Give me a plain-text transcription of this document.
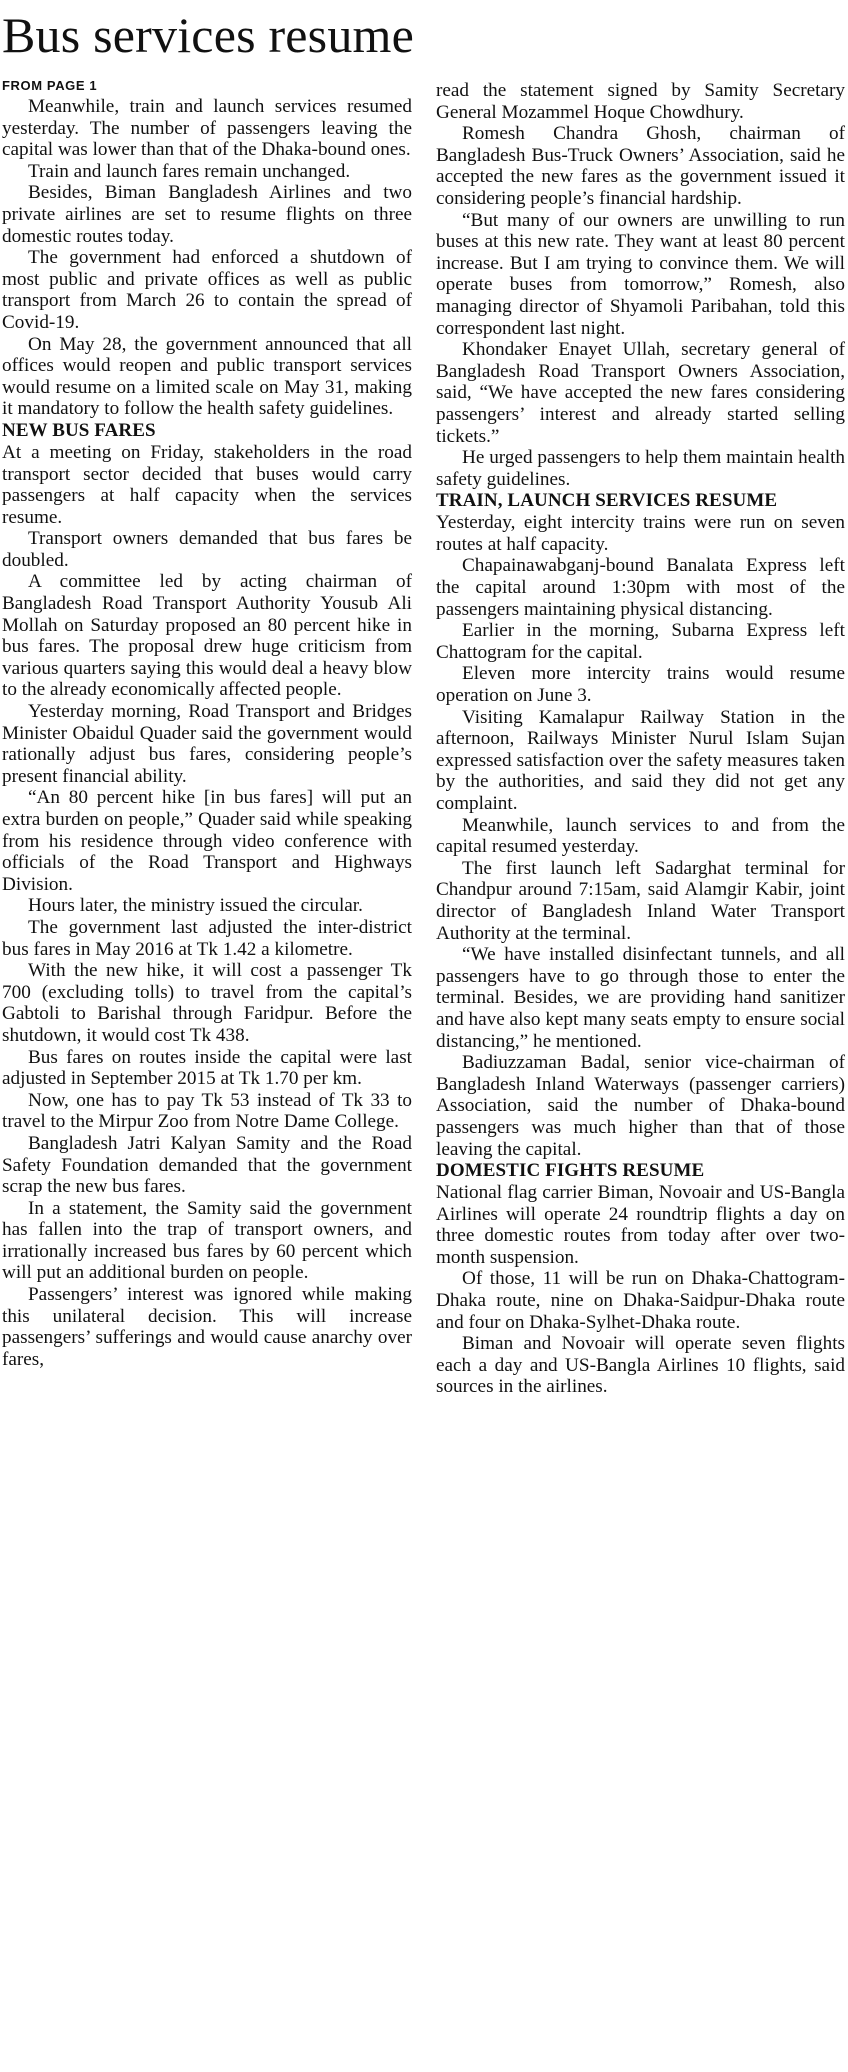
Bus services resume

FROM PAGE 1

Meanwhile, train and launch services resumed yesterday. The number of passengers leaving the capital was lower than that of the Dhaka-bound ones.

Train and launch fares remain unchanged.

Besides, Biman Bangladesh Airlines and two private airlines are set to resume flights on three domestic routes today.

The government had enforced a shutdown of most public and private offices as well as public transport from March 26 to contain the spread of Covid-19.

On May 28, the government announced that all offices would reopen and public transport services would resume on a limited scale on May 31, making it mandatory to follow the health safety guidelines.

NEW BUS FARES

At a meeting on Friday, stakeholders in the road transport sector decided that buses would carry passengers at half capacity when the services resume.

Transport owners demanded that bus fares be doubled.

A committee led by acting chairman of Bangladesh Road Transport Authority Yousub Ali Mollah on Saturday proposed an 80 percent hike in bus fares. The proposal drew huge criticism from various quarters saying this would deal a heavy blow to the already economically affected people.

Yesterday morning, Road Transport and Bridges Minister Obaidul Quader said the government would rationally adjust bus fares, considering people’s present financial ability.

“An 80 percent hike [in bus fares] will put an extra burden on people,” Quader said while speaking from his residence through video conference with officials of the Road Transport and Highways Division.

Hours later, the ministry issued the circular.

The government last adjusted the inter-district bus fares in May 2016 at Tk 1.42 a kilometre.

With the new hike, it will cost a passenger Tk 700 (excluding tolls) to travel from the capital’s Gabtoli to Barishal through Faridpur. Before the shutdown, it would cost Tk 438.

Bus fares on routes inside the capital were last adjusted in September 2015 at Tk 1.70 per km.

Now, one has to pay Tk 53 instead of Tk 33 to travel to the Mirpur Zoo from Notre Dame College.

Bangladesh Jatri Kalyan Samity and the Road Safety Foundation demanded that the government scrap the new bus fares.

In a statement, the Samity said the government has fallen into the trap of transport owners, and irrationally increased bus fares by 60 percent which will put an additional burden on people.

Passengers’ interest was ignored while making this unilateral decision. This will increase passengers’ sufferings and would cause anarchy over fares,

read the statement signed by Samity Secretary General Mozammel Hoque Chowdhury.

Romesh Chandra Ghosh, chairman of Bangladesh Bus-Truck Owners’ Association, said he accepted the new fares as the government issued it considering people’s financial hardship.

“But many of our owners are unwilling to run buses at this new rate. They want at least 80 percent increase. But I am trying to convince them. We will operate buses from tomorrow,” Romesh, also managing director of Shyamoli Paribahan, told this correspondent last night.

Khondaker Enayet Ullah, secretary general of Bangladesh Road Transport Owners Association, said, “We have accepted the new fares considering passengers’ interest and already started selling tickets.”

He urged passengers to help them maintain health safety guidelines.

TRAIN, LAUNCH SERVICES RESUME

Yesterday, eight intercity trains were run on seven routes at half capacity.

Chapainawabganj-bound Banalata Express left the capital around 1:30pm with most of the passengers maintaining physical distancing.

Earlier in the morning, Subarna Express left Chattogram for the capital.

Eleven more intercity trains would resume operation on June 3.

Visiting Kamalapur Railway Station in the afternoon, Railways Minister Nurul Islam Sujan expressed satisfaction over the safety measures taken by the authorities, and said they did not get any complaint.

Meanwhile, launch services to and from the capital resumed yesterday.

The first launch left Sadarghat terminal for Chandpur around 7:15am, said Alamgir Kabir, joint director of Bangladesh Inland Water Transport Authority at the terminal.

“We have installed disinfectant tunnels, and all passengers have to go through those to enter the terminal. Besides, we are providing hand sanitizer and have also kept many seats empty to ensure social distancing,” he mentioned.

Badiuzzaman Badal, senior vice-chairman of Bangladesh Inland Waterways (passenger carriers) Association, said the number of Dhaka-bound passengers was much higher than that of those leaving the capital.

DOMESTIC FIGHTS RESUME

National flag carrier Biman, Novoair and US-Bangla Airlines will operate 24 roundtrip flights a day on three domestic routes from today after over two-month suspension.

Of those, 11 will be run on Dhaka-Chattogram-Dhaka route, nine on Dhaka-Saidpur-Dhaka route and four on Dhaka-Sylhet-Dhaka route.

Biman and Novoair will operate seven flights each a day and US-Bangla Airlines 10 flights, said sources in the airlines.
